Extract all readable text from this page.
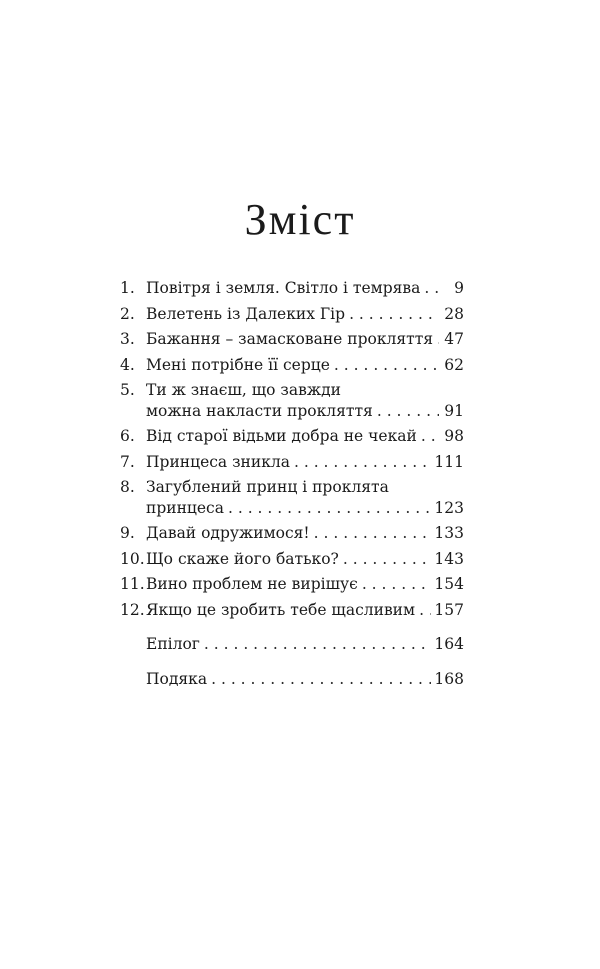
Зміст
1. Повітря і земля. Світло і темрява . . .	9
2. Велетень із Далеких Гір . . .	28
3. Бажання – замасковане прокляття . . . 47
4. Мені потрібне її серце . . .	62
5. Ти ж знаєш, що завжди
можна накласти прокляття . . .	91
6. Від старої відьми добра не чекай . . . 98
7. Принцеса зникла . . .	111
8. Загублений принц і проклята
принцеса . . .	123
9. Давай одружимося! . . .	133
10. Що скаже його батько? . . .	143
11. Вино проблем не вирішує . . .	154
12. Якщо це зробить тебе щасливим . . . 157
Епілог . . .	164
Подяка . . .	168
